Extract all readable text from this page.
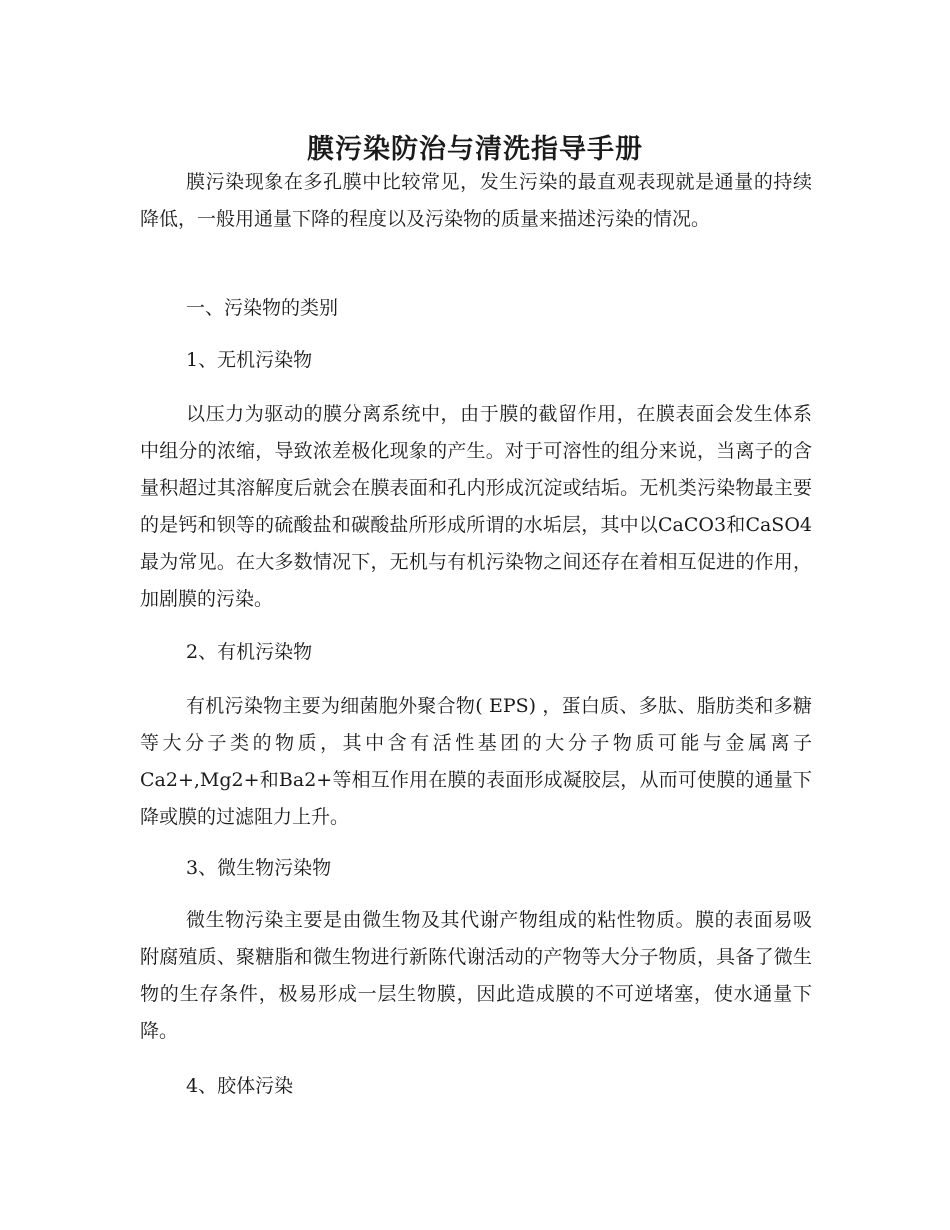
膜污染防治与清洗指导手册

膜污染现象在多孔膜中比较常见，发生污染的最直观表现就是通量的持续降低，一般用通量下降的程度以及污染物的质量来描述污染的情况。

一、污染物的类别

1、无机污染物

以压力为驱动的膜分离系统中，由于膜的截留作用，在膜表面会发生体系中组分的浓缩，导致浓差极化现象的产生。对于可溶性的组分来说，当离子的含量积超过其溶解度后就会在膜表面和孔内形成沉淀或结垢。无机类污染物最主要的是钙和钡等的硫酸盐和碳酸盐所形成所谓的水垢层，其中以CaCO3和CaSO4最为常见。在大多数情况下，无机与有机污染物之间还存在着相互促进的作用，加剧膜的污染。

2、有机污染物

有机污染物主要为细菌胞外聚合物( EPS) ，蛋白质、多肽、脂肪类和多糖等大分子类的物质，其中含有活性基团的大分子物质可能与金属离子Ca2+,Mg2+和Ba2+等相互作用在膜的表面形成凝胶层，从而可使膜的通量下降或膜的过滤阻力上升。

3、微生物污染物

微生物污染主要是由微生物及其代谢产物组成的粘性物质。膜的表面易吸附腐殖质、聚糖脂和微生物进行新陈代谢活动的产物等大分子物质，具备了微生物的生存条件，极易形成一层生物膜，因此造成膜的不可逆堵塞，使水通量下降。

4、胶体污染
